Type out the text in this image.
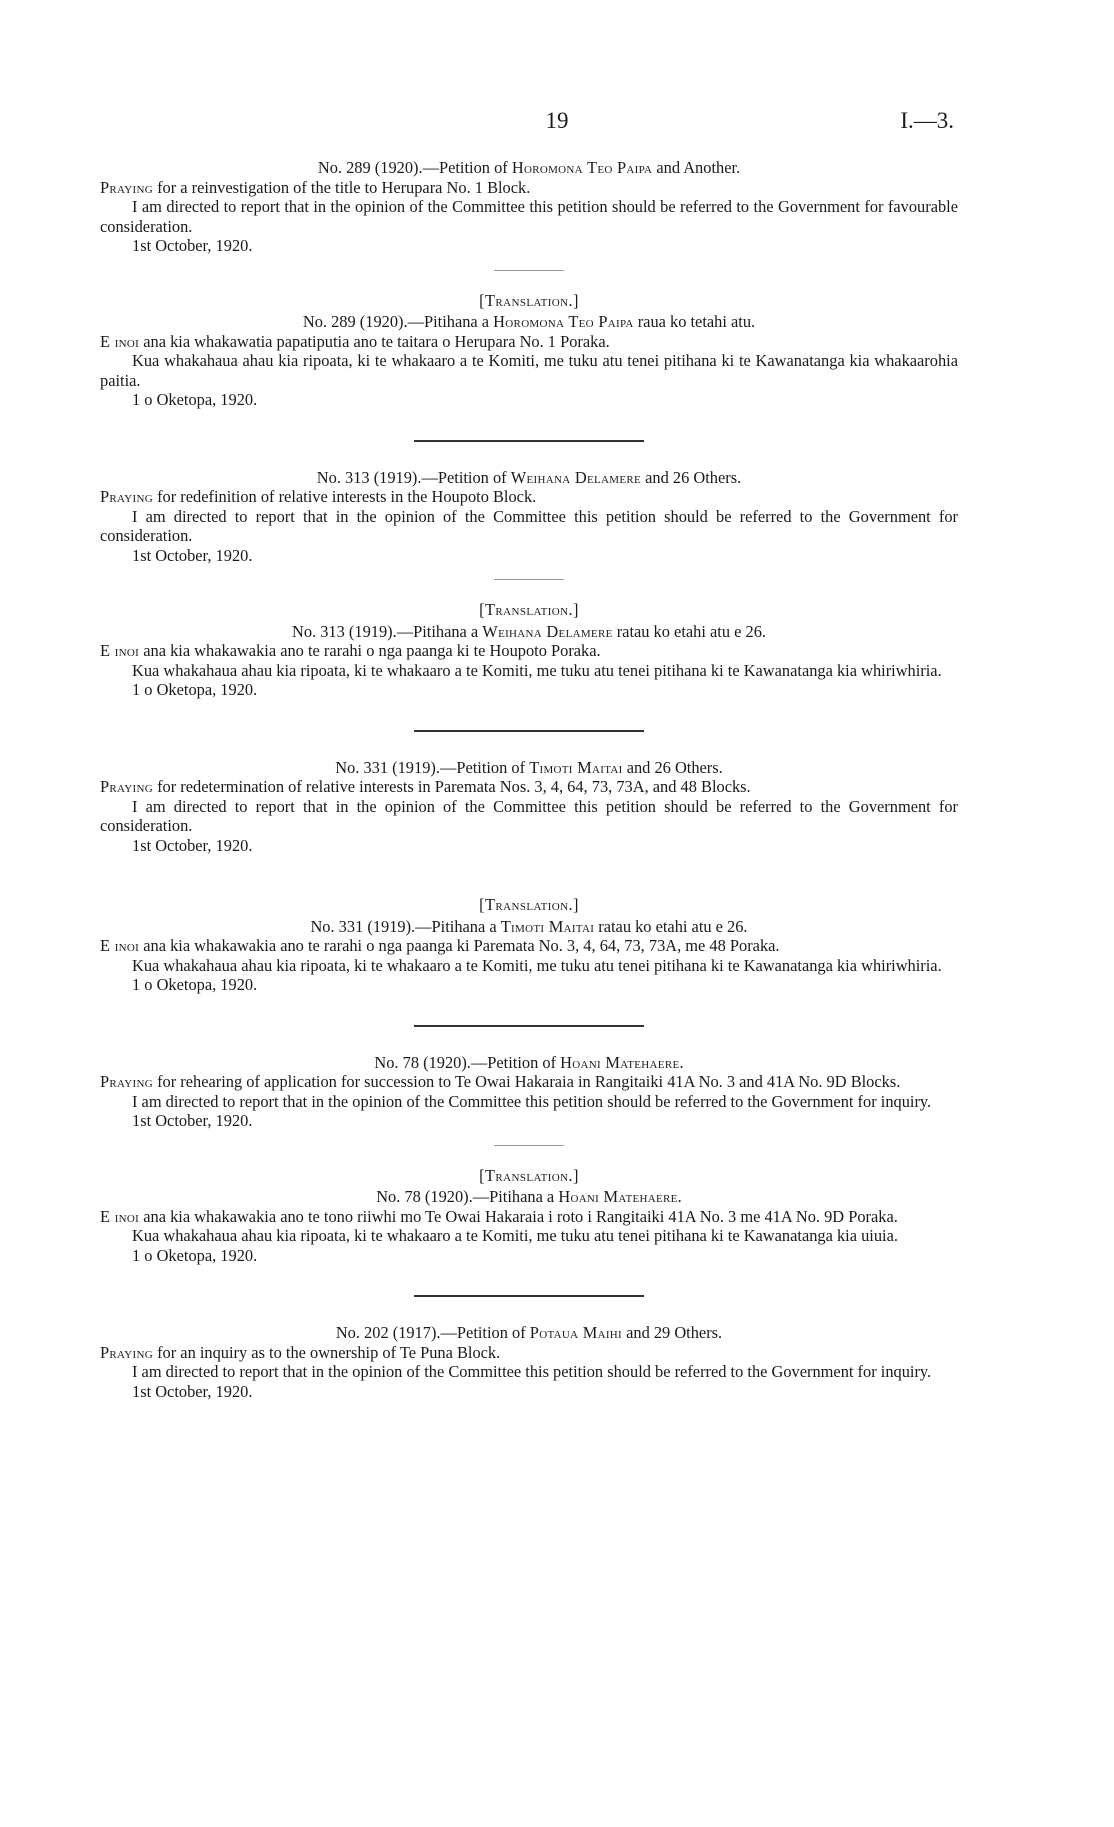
19	I.—3.

No. 289 (1920).—Petition of Horomona Teo Paipa and Another.

Praying for a reinvestigation of the title to Herupara No. 1 Block.

I am directed to report that in the opinion of the Committee this petition should be referred to the Government for favourable consideration.

1st October, 1920.

[Translation.]

No. 289 (1920).—Pitihana a Horomona Teo Paipa raua ko tetahi atu.

E inoi ana kia whakawatia papatiputia ano te taitara o Herupara No. 1 Poraka.

Kua whakahaua ahau kia ripoata, ki te whakaaro a te Komiti, me tuku atu tenei pitihana ki te Kawanatanga kia whakaarohia paitia.

1 o Oketopa, 1920.

No. 313 (1919).—Petition of Weihana Delamere and 26 Others.

Praying for redefinition of relative interests in the Houpoto Block.

I am directed to report that in the opinion of the Committee this petition should be referred to the Government for consideration.

1st October, 1920.

[Translation.]

No. 313 (1919).—Pitihana a Weihana Delamere ratau ko etahi atu e 26.

E inoi ana kia whakawakia ano te rarahi o nga paanga ki te Houpoto Poraka.

Kua whakahaua ahau kia ripoata, ki te whakaaro a te Komiti, me tuku atu tenei pitihana ki te Kawanatanga kia whiriwhiria.

1 o Oketopa, 1920.

No. 331 (1919).—Petition of Timoti Maitai and 26 Others.

Praying for redetermination of relative interests in Paremata Nos. 3, 4, 64, 73, 73A, and 48 Blocks.

I am directed to report that in the opinion of the Committee this petition should be referred to the Government for consideration.

1st October, 1920.

[Translation.]

No. 331 (1919).—Pitihana a Timoti Maitai ratau ko etahi atu e 26.

E inoi ana kia whakawakia ano te rarahi o nga paanga ki Paremata No. 3, 4, 64, 73, 73A, me 48 Poraka.

Kua whakahaua ahau kia ripoata, ki te whakaaro a te Komiti, me tuku atu tenei pitihana ki te Kawanatanga kia whiriwhiria.

1 o Oketopa, 1920.

No. 78 (1920).—Petition of Hoani Matehaere.

Praying for rehearing of application for succession to Te Owai Hakaraia in Rangitaiki 41A No. 3 and 41A No. 9D Blocks.

I am directed to report that in the opinion of the Committee this petition should be referred to the Government for inquiry.

1st October, 1920.

[Translation.]

No. 78 (1920).—Pitihana a Hoani Matehaere.

E inoi ana kia whakawakia ano te tono riiwhi mo Te Owai Hakaraia i roto i Rangitaiki 41A No. 3 me 41A No. 9D Poraka.

Kua whakahaua ahau kia ripoata, ki te whakaaro a te Komiti, me tuku atu tenei pitihana ki te Kawanatanga kia uiuia.

1 o Oketopa, 1920.

No. 202 (1917).—Petition of Potaua Maihi and 29 Others.

Praying for an inquiry as to the ownership of Te Puna Block.

I am directed to report that in the opinion of the Committee this petition should be referred to the Government for inquiry.

1st October, 1920.
